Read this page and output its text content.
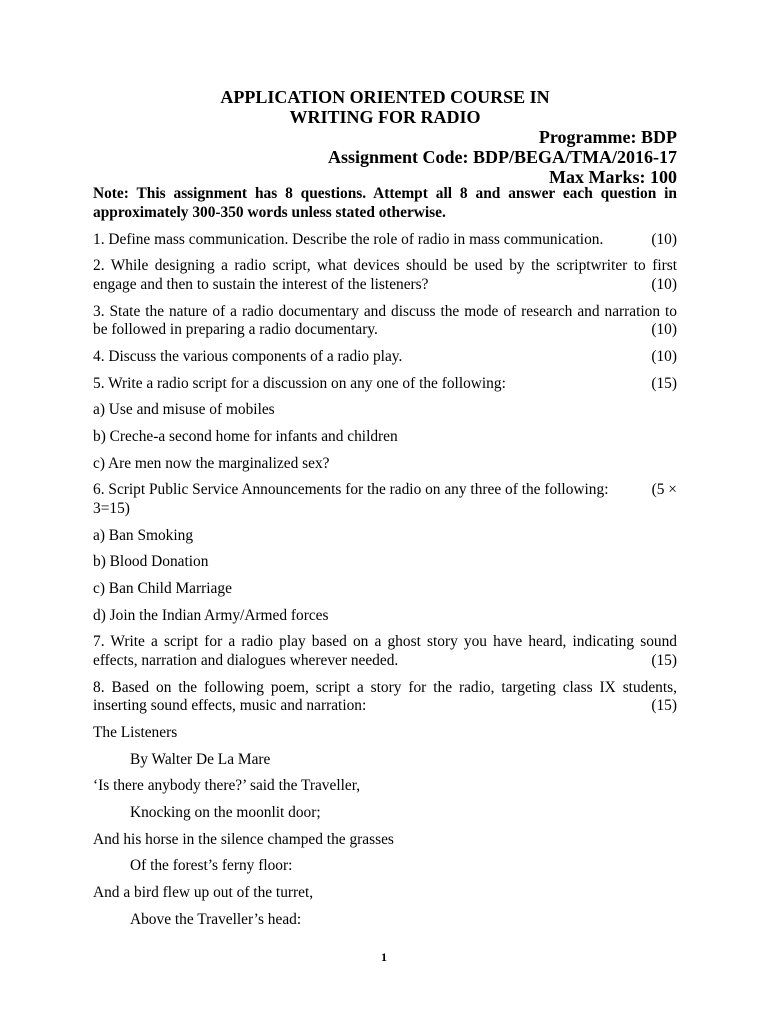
APPLICATION ORIENTED COURSE IN
WRITING FOR RADIO
Programme: BDP
Assignment Code: BDP/BEGA/TMA/2016-17
Max Marks: 100
Note: This assignment has 8 questions. Attempt all 8 and answer each question in
approximately 300-350 words unless stated otherwise.
1. Define mass communication. Describe the role of radio in mass communication.	(10)
2. While designing a radio script, what devices should be used by the scriptwriter to first
engage and then to sustain the interest of the listeners?	(10)
3. State the nature of a radio documentary and discuss the mode of research and narration to
be followed in preparing a radio documentary.	(10)
4. Discuss the various components of a radio play.	(10)
5. Write a radio script for a discussion on any one of the following:	(15)
a) Use and misuse of mobiles
b) Creche-a second home for infants and children
c) Are men now the marginalized sex?
6. Script Public Service Announcements for the radio on any three of the following:	(5 ×
3=15)
a) Ban Smoking
b) Blood Donation
c) Ban Child Marriage
d) Join the Indian Army/Armed forces
7. Write a script for a radio play based on a ghost story you have heard, indicating sound
effects, narration and dialogues wherever needed.	(15)
8. Based on the following poem, script a story for the radio, targeting class IX students,
inserting sound effects, music and narration:	(15)
The Listeners
By Walter De La Mare
‘Is there anybody there?’ said the Traveller,
Knocking on the moonlit door;
And his horse in the silence champed the grasses
Of the forest’s ferny floor:
And a bird flew up out of the turret,
Above the Traveller’s head:
1
